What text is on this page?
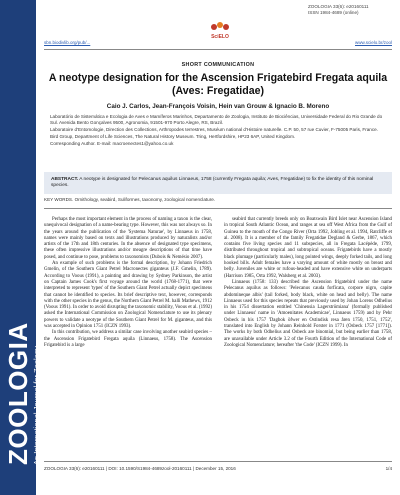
ZOOLOGIA An International Journal for Zoology
SciELO
ZOOLOGIA 33(6): e20160111
ISSN 1984-4689 (online)
sbn.biodivlib.org/pub/...	www.scielo.br/zool
SHORT COMMUNICATION
A neotype designation for the Ascension Frigatebird Fregata aquila
(Aves: Fregatidae)
Caio J. Carlos, Jean-François Voisin, Hein van Grouw & Ignacio B. Moreno
Laboratório de Sistemática e Ecologia de Aves e Mamíferos Marinhos, Departamento de Zoologia, Instituto de Biociências, Universidade Federal do Rio Grande do Sul. Avenida Bento Gonçalves 9500, Agronomia, 91501-970 Porto Alegre, RS, Brazil.
Laboratoire d'Entomologie, Direction des Collections, Arthropodes terrestres, Muséum national d'Histoire naturelle. C.P. 50, 57 rue Cuvier, F-75005 Paris, France.
Bird Group, Department of Life Sciences, The Natural History Museum. Tring, Hertfordshire, HP23 6AP, United Kingdom.
Corresponding Author. E-mail: macroenectes1@yahoo.co.uk
ABSTRACT. A neotype is designated for Pelecanus aquilus Linnaeus, 1758 (currently Fregata aquila; Aves, Fregatidae) to fix the identity of this nominal species.
KEY WORDS. Ornithology, seabird, Suliformes, taxonomy, zoological nomenclature.

Perhaps the most important element in the process of naming a taxon is the clear, unequivocal designation of a name-bearing type. However, this was not always so. In the years around the publication of the 'Systema Naturae', by Linnaeus in 1758, names were mainly based on texts and illustrations produced by naturalists and/or artists of the 17th and 18th centuries. In the absence of designated type specimens, these often impressive illustrations and/or meagre descriptions of that time have posed, and continue to pose, problems to taxonomists (Dubois & Nemésio 2007).

An example of such problems is the formal description, by Johann Friedrich Gmelin, of the Southern Giant Petrel Macronectes giganteus (J.F. Gmelin, 1789). According to Voous (1991), a painting and drawing by Sydney Parkinson, the artist on Captain James Cook's first voyage around the world (1768-1771), that were interpreted to represent 'types' of the Southern Giant Petrel actually depict specimens that cannot be identified to species. Its brief descriptive text, however, corresponds with the other species in the genus, the Northern Giant Petrel M. halli Mathews, 1912 (Voous 1991). In order to avoid disrupting the taxonomic stability, Voous et al. (1992) asked the International Commission on Zoological Nomenclature to use its plenary powers to validate a neotype of the Southern Giant Petrel for M. giganteus, and this was accepted in Opinion 1751 (ICZN 1993).

In this contribution, we address a similar case involving another seabird species – the Ascension Frigatebird Fregata aquila (Linnaeus, 1758). The Ascension Frigatebird is a large

seabird that currently breeds only on Boatswain Bird Islet near Ascension Island in tropical South Atlantic Ocean, and ranges at sea off West Africa from the Gulf of Guinea to the mouth of the Congo River (Orta 1992, Jobling et al. 1994, Ratcliffe et al. 2008). It is a member of the family Fregatidae Degland & Gerbe, 1867, which contains five living species and 11 subspecies, all in Fregata Lacépède, 1799, distributed throughout tropical and subtropical oceans. Frigatebirds have a mostly black plumage (particularly males), long pointed wings, deeply forked tails, and long hooked bills. Adult females have a varying amount of white mostly on breast and belly. Juveniles are white or rufous-headed and have extensive white on underparts (Harrison 1985, Orta 1992, Walsberg et al. 2003).

Linnaeus (1758: 133) described the Ascension frigatebird under the name Pelecanus aquilus as follows: 'Pelecanus cauda forficata, corpore nigro, capite abdomineque albis' (tail forked, body black, white on head and belly). The name Linnaeus used for this species repeats that previously used by Johan Lorens Odhelius in his 1754 dissertation entitled 'Chinensia Lagerströmiana' (formally published under Linnaeus' name in 'Amoenitates Academicae', Linnaeus 1759) and by Pehr Osbeck in his 1757 'Dagbok öfwer en Ostindisk resa åren 1750, 1751, 1752', translated into English by Johann Reinhold Forster in 1771 (Osbeck 1757 [1771]). The works by both Odhelius and Osbeck are binomial, but being earlier than 1758, are unavailable under Article 3.2 of the Fourth Edition of the International Code of Zoological Nomenclature; hereafter 'the Code' (ICZN 1999). In

ZOOLOGIA 33(6): e20160111 | DOI: 10.1590/S1984-4689zool-20160111 | December 15, 2016	1/4
